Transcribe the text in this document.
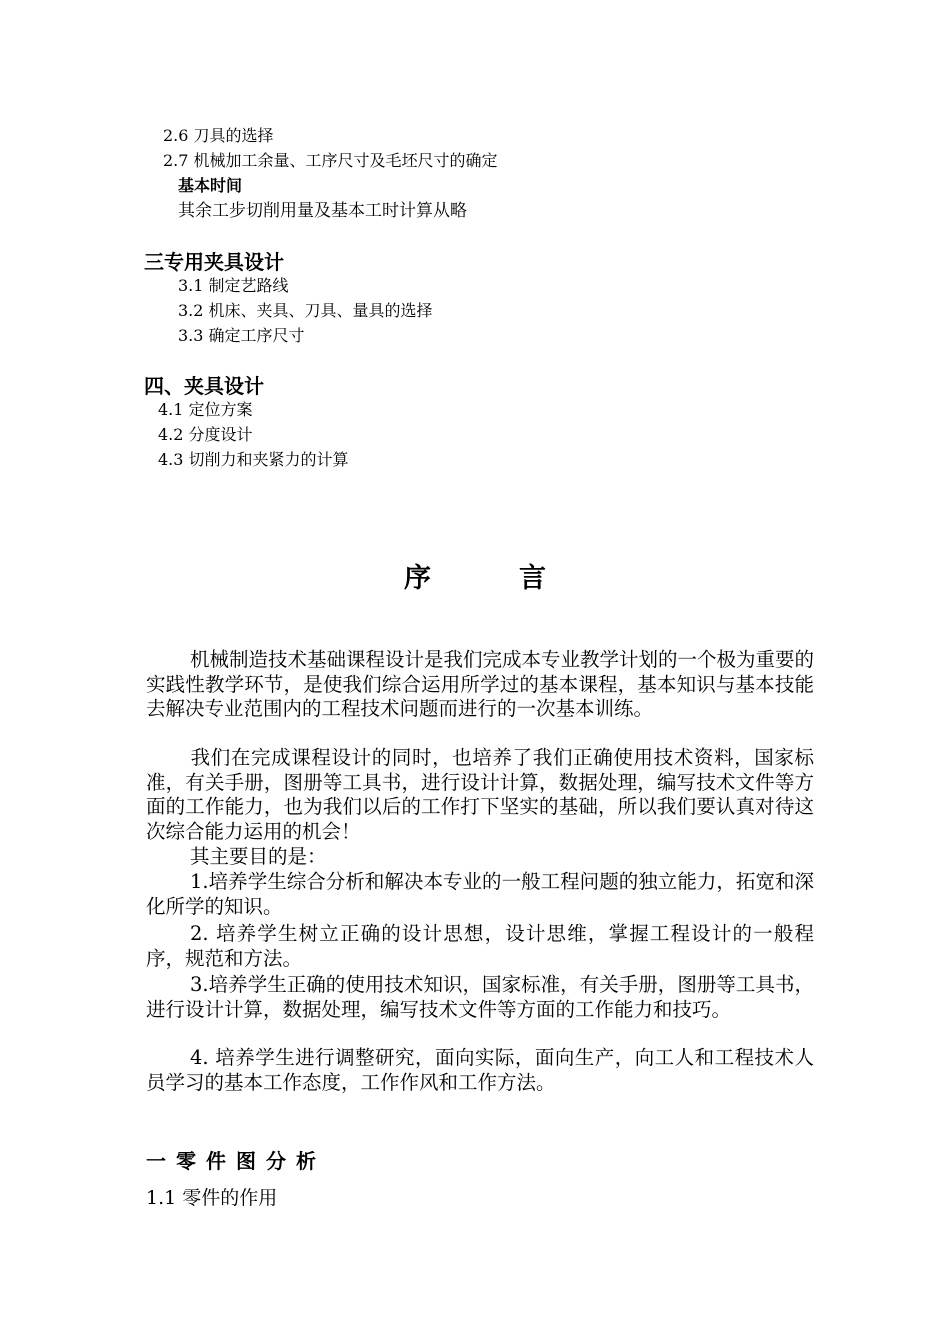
2.6 刀具的选择
2.7 机械加工余量、工序尺寸及毛坯尺寸的确定
基本时间
其余工步切削用量及基本工时计算从略
三专用夹具设计
3.1 制定艺路线
3.2 机床、夹具、刀具、量具的选择
3.3 确定工序尺寸
四、夹具设计
4.1 定位方案
4.2 分度设计
4.3 切削力和夹紧力的计算
序	言
机械制造技术基础课程设计是我们完成本专业教学计划的一个极为重要的实践性教学环节，是使我们综合运用所学过的基本课程，基本知识与基本技能去解决专业范围内的工程技术问题而进行的一次基本训练。
我们在完成课程设计的同时，也培养了我们正确使用技术资料，国家标准，有关手册，图册等工具书，进行设计计算，数据处理，编写技术文件等方面的工作能力，也为我们以后的工作打下坚实的基础，所以我们要认真对待这次综合能力运用的机会！
其主要目的是：
1.培养学生综合分析和解决本专业的一般工程问题的独立能力，拓宽和深化所学的知识。
2. 培养学生树立正确的设计思想，设计思维，掌握工程设计的一般程序，规范和方法。
3.培养学生正确的使用技术知识，国家标准，有关手册，图册等工具书，进行设计计算，数据处理，编写技术文件等方面的工作能力和技巧。
4. 培养学生进行调整研究，面向实际，面向生产，向工人和工程技术人员学习的基本工作态度，工作作风和工作方法。
一零件图分析
1.1 零件的作用
